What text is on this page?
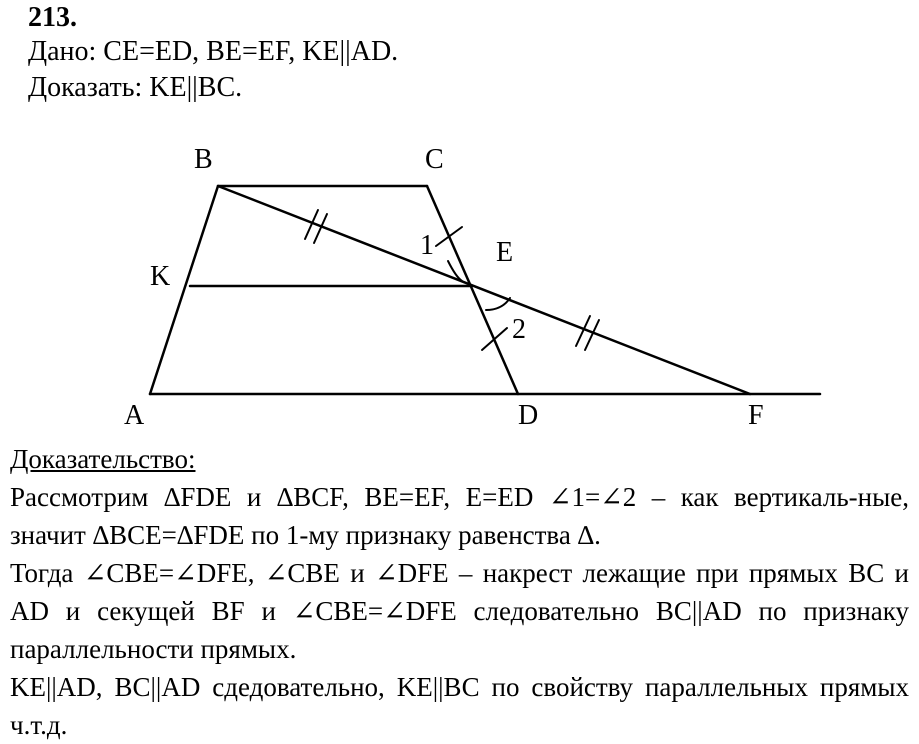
213.
Дано: CE=ED, BE=EF, KE||AD.
Доказать: KE||BC.
B	C
K
E
1
2
A	D	F
Доказательство:
Рассмотрим ∆FDE и ∆BCF, BE=EF, E=ED ∠1=∠2 – как вертикаль-ные, значит ∆BCE=∆FDE по 1-му признаку равенства ∆.
Тогда ∠CBE=∠DFE, ∠CBE и ∠DFE – накрест лежащие при прямых BC и AD и секущей BF и ∠CBE=∠DFE следовательно BC||AD по признаку параллельности прямых.
KE||AD, BC||AD сдедовательно, KE||BC по свойству параллельных прямых ч.т.д.
